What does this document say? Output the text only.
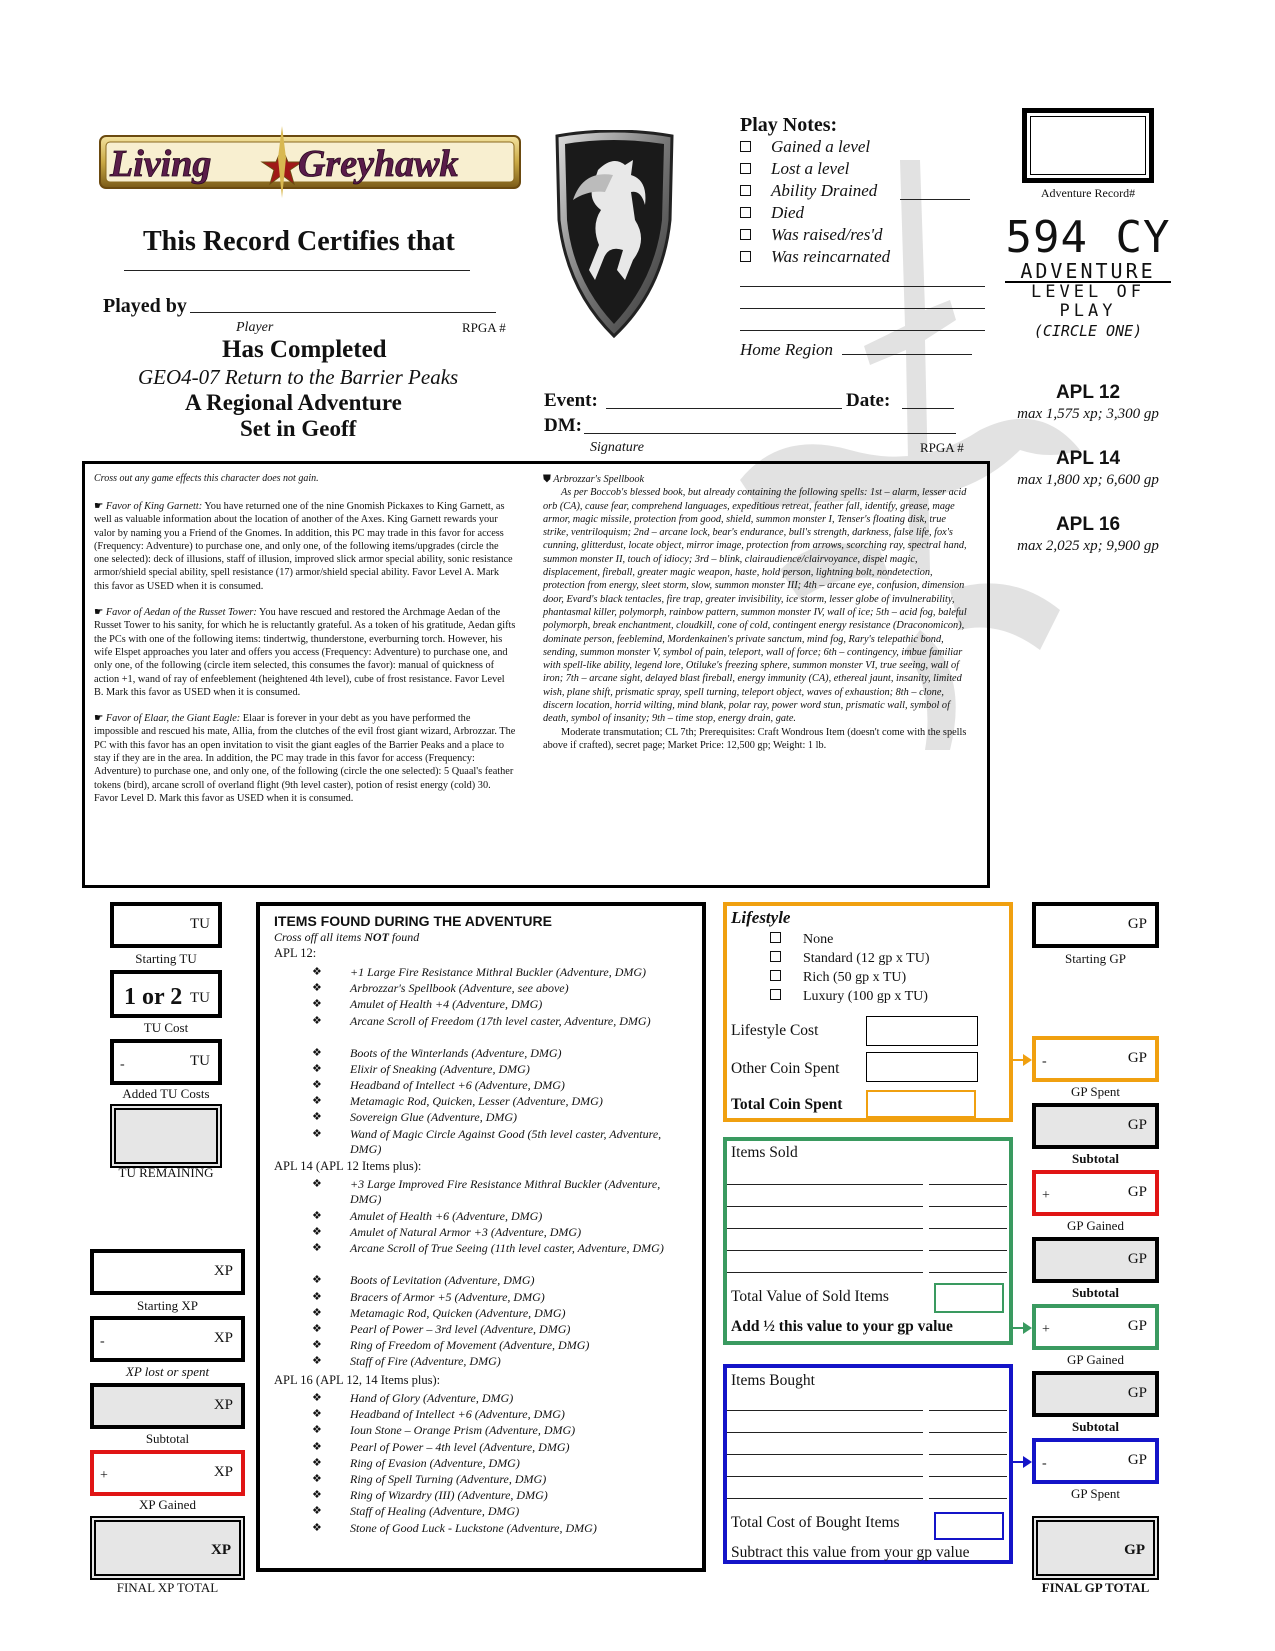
Living Greyhawk
This Record Certifies that
Played by
Player	RPGA #
Has Completed
GEO4-07 Return to the Barrier Peaks
A Regional Adventure
Set in Geoff
Play Notes:
Gained a level
Lost a level
Ability Drained
Died
Was raised/res'd
Was reincarnated
Home Region
Event:	Date:
DM:
Signature	RPGA #
Adventure Record#
594 CY
ADVENTURE
LEVEL OF
PLAY
(CIRCLE ONE)
APL 12
max 1,575 xp; 3,300 gp
APL 14
max 1,800 xp; 6,600 gp
APL 16
max 2,025 xp; 9,900 gp
Cross out any game effects this character does not gain.

☛ Favor of King Garnett: You have returned one of the nine Gnomish Pickaxes to King Garnett, as well as valuable information about the location of another of the Axes. King Garnett rewards your valor by naming you a Friend of the Gnomes. In addition, this PC may trade in this favor for access (Frequency: Adventure) to purchase one, and only one, of the following items/upgrades (circle the one selected): deck of illusions, staff of illusion, improved slick armor special ability, sonic resistance armor/shield special ability, spell resistance (17) armor/shield special ability. Favor Level A. Mark this favor as USED when it is consumed.

☛ Favor of Aedan of the Russet Tower: You have rescued and restored the Archmage Aedan of the Russet Tower to his sanity, for which he is reluctantly grateful. As a token of his gratitude, Aedan gifts the PCs with one of the following items: tindertwig, thunderstone, everburning torch. However, his wife Elspet approaches you later and offers you access (Frequency: Adventure) to purchase one, and only one, of the following (circle item selected, this consumes the favor): manual of quickness of action +1, wand of ray of enfeeblement (heightened 4th level), cube of frost resistance. Favor Level B. Mark this favor as USED when it is consumed.

☛ Favor of Elaar, the Giant Eagle: Elaar is forever in your debt as you have performed the impossible and rescued his mate, Allia, from the clutches of the evil frost giant wizard, Arbrozzar. The PC with this favor has an open invitation to visit the giant eagles of the Barrier Peaks and a place to stay if they are in the area. In addition, the PC may trade in this favor for access (Frequency: Adventure) to purchase one, and only one, of the following (circle the one selected): 5 Quaal's feather tokens (bird), arcane scroll of overland flight (9th level caster), potion of resist energy (cold) 30. Favor Level D. Mark this favor as USED when it is consumed.

⛊ Arbrozzar's Spellbook
As per Boccob's blessed book, but already containing the following spells: 1st – alarm, lesser acid orb (CA), cause fear, comprehend languages, expeditious retreat, feather fall, identify, grease, mage armor, magic missile, protection from good, shield, summon monster I, Tenser's floating disk, true strike, ventriloquism; 2nd – arcane lock, bear's endurance, bull's strength, darkness, false life, fox's cunning, glitterdust, locate object, mirror image, protection from arrows, scorching ray, spectral hand, summon monster II, touch of idiocy; 3rd – blink, clairaudience/clairvoyance, dispel magic, displacement, fireball, greater magic weapon, haste, hold person, lightning bolt, nondetection, protection from energy, sleet storm, slow, summon monster III; 4th – arcane eye, confusion, dimension door, Evard's black tentacles, fire trap, greater invisibility, ice storm, lesser globe of invulnerability, phantasmal killer, polymorph, rainbow pattern, summon monster IV, wall of ice; 5th – acid fog, baleful polymorph, break enchantment, cloudkill, cone of cold, contingent energy resistance (Draconomicon), dominate person, feeblemind, Mordenkainen's private sanctum, mind fog, Rary's telepathic bond, sending, summon monster V, symbol of pain, teleport, wall of force; 6th – contingency, imbue familiar with spell-like ability, legend lore, Otiluke's freezing sphere, summon monster VI, true seeing, wall of iron; 7th – arcane sight, delayed blast fireball, energy immunity (CA), ethereal jaunt, insanity, limited wish, plane shift, prismatic spray, spell turning, teleport object, waves of exhaustion; 8th – clone, discern location, horrid wilting, mind blank, polar ray, power word stun, prismatic wall, symbol of death, symbol of insanity; 9th – time stop, energy drain, gate.
Moderate transmutation; CL 7th; Prerequisites: Craft Wondrous Item (doesn't come with the spells above if crafted), secret page; Market Price: 12,500 gp; Weight: 1 lb.
TU
Starting TU
1 or 2 TU
TU Cost
-	TU
Added TU Costs
TU REMAINING
XP
Starting XP
-	XP
XP lost or spent
XP
Subtotal
+	XP
XP Gained
XP
FINAL XP TOTAL
ITEMS FOUND DURING THE ADVENTURE
Cross off all items NOT found
APL 12:
❖ +1 Large Fire Resistance Mithral Buckler (Adventure, DMG)
❖ Arbrozzar's Spellbook (Adventure, see above)
❖ Amulet of Health +4 (Adventure, DMG)
❖ Arcane Scroll of Freedom (17th level caster, Adventure, DMG)
❖ Boots of the Winterlands (Adventure, DMG)
❖ Elixir of Sneaking (Adventure, DMG)
❖ Headband of Intellect +6 (Adventure, DMG)
❖ Metamagic Rod, Quicken, Lesser (Adventure, DMG)
❖ Sovereign Glue (Adventure, DMG)
❖ Wand of Magic Circle Against Good (5th level caster, Adventure, DMG)
APL 14 (APL 12 Items plus):
❖ +3 Large Improved Fire Resistance Mithral Buckler (Adventure, DMG)
❖ Amulet of Health +6 (Adventure, DMG)
❖ Amulet of Natural Armor +3 (Adventure, DMG)
❖ Arcane Scroll of True Seeing (11th level caster, Adventure, DMG)
❖ Boots of Levitation (Adventure, DMG)
❖ Bracers of Armor +5 (Adventure, DMG)
❖ Metamagic Rod, Quicken (Adventure, DMG)
❖ Pearl of Power – 3rd level (Adventure, DMG)
❖ Ring of Freedom of Movement (Adventure, DMG)
❖ Staff of Fire (Adventure, DMG)
APL 16 (APL 12, 14 Items plus):
❖ Hand of Glory (Adventure, DMG)
❖ Headband of Intellect +6 (Adventure, DMG)
❖ Ioun Stone – Orange Prism (Adventure, DMG)
❖ Pearl of Power – 4th level (Adventure, DMG)
❖ Ring of Evasion (Adventure, DMG)
❖ Ring of Spell Turning (Adventure, DMG)
❖ Ring of Wizardry (III) (Adventure, DMG)
❖ Staff of Healing (Adventure, DMG)
❖ Stone of Good Luck - Luckstone (Adventure, DMG)
Lifestyle
None
Standard (12 gp x TU)
Rich (50 gp x TU)
Luxury (100 gp x TU)
Lifestyle Cost
Other Coin Spent
Total Coin Spent
Items Sold
Total Value of Sold Items
Add ½ this value to your gp value
Items Bought
Total Cost of Bought Items
Subtract this value from your gp value
GP
Starting GP
-	GP
GP Spent
GP
Subtotal
+	GP
GP Gained
GP
Subtotal
+	GP
GP Gained
GP
Subtotal
-	GP
GP Spent
GP
FINAL GP TOTAL
